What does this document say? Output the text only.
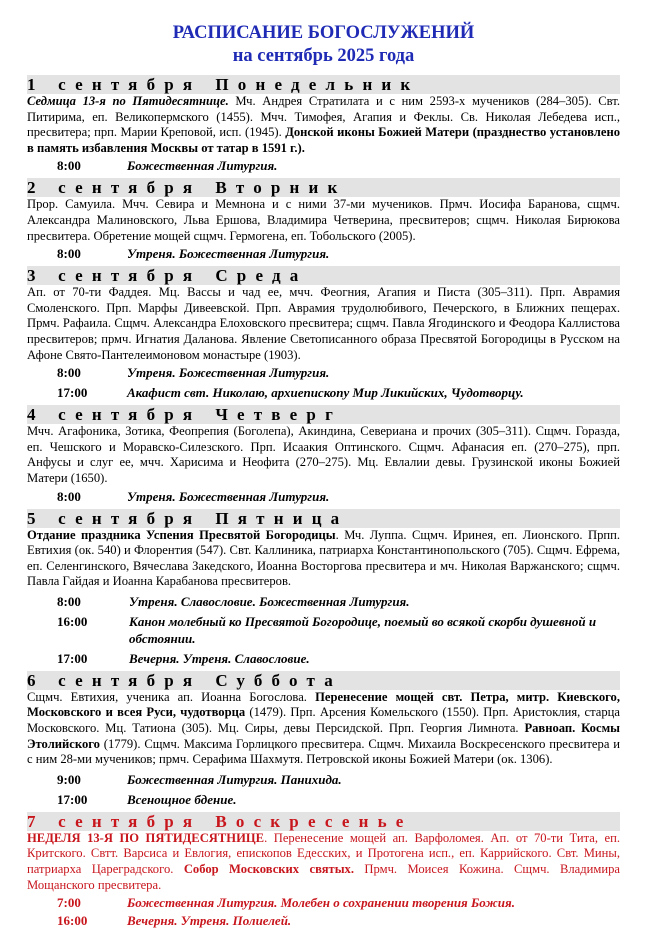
РАСПИСАНИЕ БОГОСЛУЖЕНИЙ
на сентябрь 2025 года
1 сентября Понедельник

Седмица 13-я по Пятидесятнице. Мч. Андрея Стратилата и с ним 2593-х мучеников (284–305). Свт. Питирима, еп. Великопермского (1455). Мчч. Тимофея, Агапия и Феклы. Св. Николая Лебедева исп., пресвитера; прп. Марии Креповой, исп. (1945). Донской иконы Божией Матери (празднество установлено в память избавления Москвы от татар в 1591 г.).

8:00	Божественная Литургия.
2 сентября Вторник

Прор. Самуила. Мчч. Севира и Мемнона и с ними 37-ми мучеников. Прмч. Иосифа Баранова, сщмч. Александра Малиновского, Льва Ершова, Владимира Четверина, пресвитеров; сщмч. Николая Бирюкова пресвитера. Обретение мощей сщмч. Гермогена, еп. Тобольского (2005).

8:00	Утреня. Божественная Литургия.
3 сентября Среда

Ап. от 70-ти Фаддея. Мц. Вассы и чад ее, мчч. Феогния, Агапия и Писта (305–311). Прп. Аврамия Смоленского. Прп. Марфы Дивеевской. Прп. Аврамия трудолюбивого, Печерского, в Ближних пещерах. Прмч. Рафаила. Сщмч. Александра Елоховского пресвитера; сщмч. Павла Ягодинского и Феодора Каллистова пресвитеров; прмч. Игнатия Даланова. Явление Светописанного образа Пресвятой Богородицы в Русском на Афоне Свято-Пантелеимоновом монастыре (1903).

8:00	Утреня. Божественная Литургия.
17:00	Акафист свт. Николаю, архиепископу Мир Ликийских, Чудотворцу.
4 сентября Четверг

Мчч. Агафоника, Зотика, Феопрепия (Боголепа), Акиндина, Севериана и прочих (305–311). Сщмч. Горазда, еп. Чешского и Моравско-Силезского. Прп. Исаакия Оптинского. Сщмч. Афанасия еп. (270–275), прп. Анфусы и слуг ее, мчч. Харисима и Неофита (270–275). Мц. Евлалии девы. Грузинской иконы Божией Матери (1650).

8:00	Утреня. Божественная Литургия.
5 сентября Пятница

Отдание праздника Успения Пресвятой Богородицы. Мч. Луппа. Сщмч. Иринея, еп. Лионского. Прпп. Евтихия (ок. 540) и Флорентия (547). Свт. Каллиника, патриарха Константинопольского (705). Сщмч. Ефрема, еп. Селенгинского, Вячеслава Закедского, Иоанна Восторгова пресвитера и мч. Николая Варжанского; сщмч. Павла Гайдая и Иоанна Карабанова пресвитеров.

8:00	Утреня. Славословие. Божественная Литургия.
16:00	Канон молебный ко Пресвятой Богородице, поемый во всякой скорби душевной и обстоянии.
17:00	Вечерня. Утреня. Славословие.
6 сентября Суббота

Сщмч. Евтихия, ученика ап. Иоанна Богослова. Перенесение мощей свт. Петра, митр. Киевского, Московского и всея Руси, чудотворца (1479). Прп. Арсения Комельского (1550). Прп. Аристоклия, старца Московского. Мц. Татиона (305). Мц. Сиры, девы Персидской. Прп. Георгия Лимнота. Равноап. Космы Этолийского (1779). Сщмч. Максима Горлицкого пресвитера. Сщмч. Михаила Воскресенского пресвитера и с ним 28-ми мучеников; прмч. Серафима Шахмутя. Петровской иконы Божией Матери (ок. 1306).

9:00	Божественная Литургия. Панихида.
17:00	Всенощное бдение.
7 сентября Воскресенье

НЕДЕЛЯ 13-Я ПО ПЯТИДЕСЯТНИЦЕ. Перенесение мощей ап. Варфоломея. Ап. от 70-ти Тита, еп. Критского. Свтт. Варсиса и Евлогия, епископов Едесских, и Протогена исп., еп. Каррийского. Свт. Мины, патриарха Цареградского. Собор Московских святых. Прмч. Моисея Кожина. Сщмч. Владимира Мощанского пресвитера.

7:00	Божественная Литургия. Молебен о сохранении творения Божия.
16:00	Вечерня. Утреня. Полиелей.
